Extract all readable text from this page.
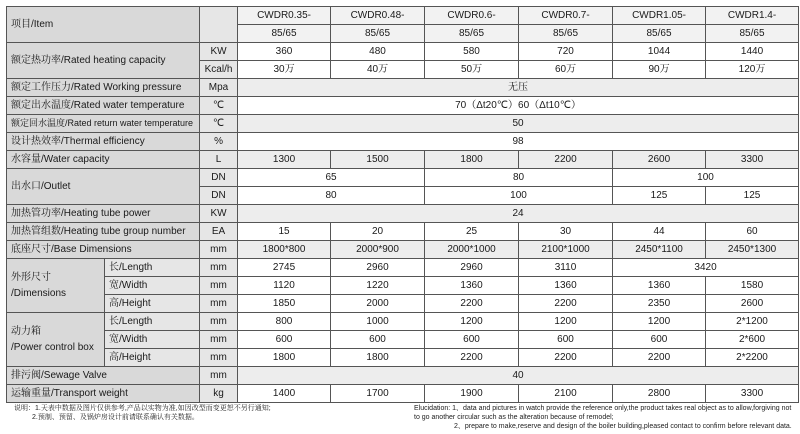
项目/Item			CWDR0.35-	CWDR0.48-	CWDR0.6-	CWDR0.7-	CWDR1.05-	CWDR1.4-
			85/65	85/65	85/65	85/65	85/65	85/65
额定热功率/Rated heating capacity		KW	360	480	580	720	1044	1440
		Kcal/h	30万	40万	50万	60万	90万	120万
额定工作压力/Rated Working pressure		Mpa	无压					
额定出水温度/Rated water temperature		℃	70（Δt20℃）60（Δt10℃）					
额定回水温度/Rated return water temperature		℃	50					
设计热效率/Thermal efficiency		%	98					
水容量/Water capacity		L	1300	1500	1800	2200	2600	3300
出水口/Outlet		DN	65		80		100	
		DN	80		100		125	125
加热管功率/Heating tube power		KW	24					
加热管组数/Heating tube group number		EA	15	20	25	30	44	60
底座尺寸/Base Dimensions		mm	1800*800	2000*900	2000*1000	2100*1000	2450*1100	2450*1300

外形尺寸
/Dimensions	长/Length	mm	2745	2960	2960	3110	3420	
	宽/Width	mm	1120	1220	1360	1360	1360	1580
	高/Height	mm	1850	2000	2200	2200	2350	2600

动力箱
/Power control box	长/Length	mm	800	1000	1200	1200	1200	2*1200
	宽/Width	mm	600	600	600	600	600	2*600
	高/Height	mm	1800	1800	2200	2200	2200	2*2200
排污阀/Sewage Valve		mm	40					
运输重量/Transport weight		kg	1400	1700	1900	2100	2800	3300
说明：1.天表中数据及图片仅供参考,产品以实物为准,如因改型而变更恕不另行通知;
2.预制、预留、及锅炉房设计前请联系确认有关数据。
Elucidation: 1、data and pictures in watch provide the reference only,the product takes real object as to allow,forgiving not
to go another circular such as the alteration because of remodel;
2、prepare to make,reserve and design of the boiler building,pleased contact to confirm before relevant data.
